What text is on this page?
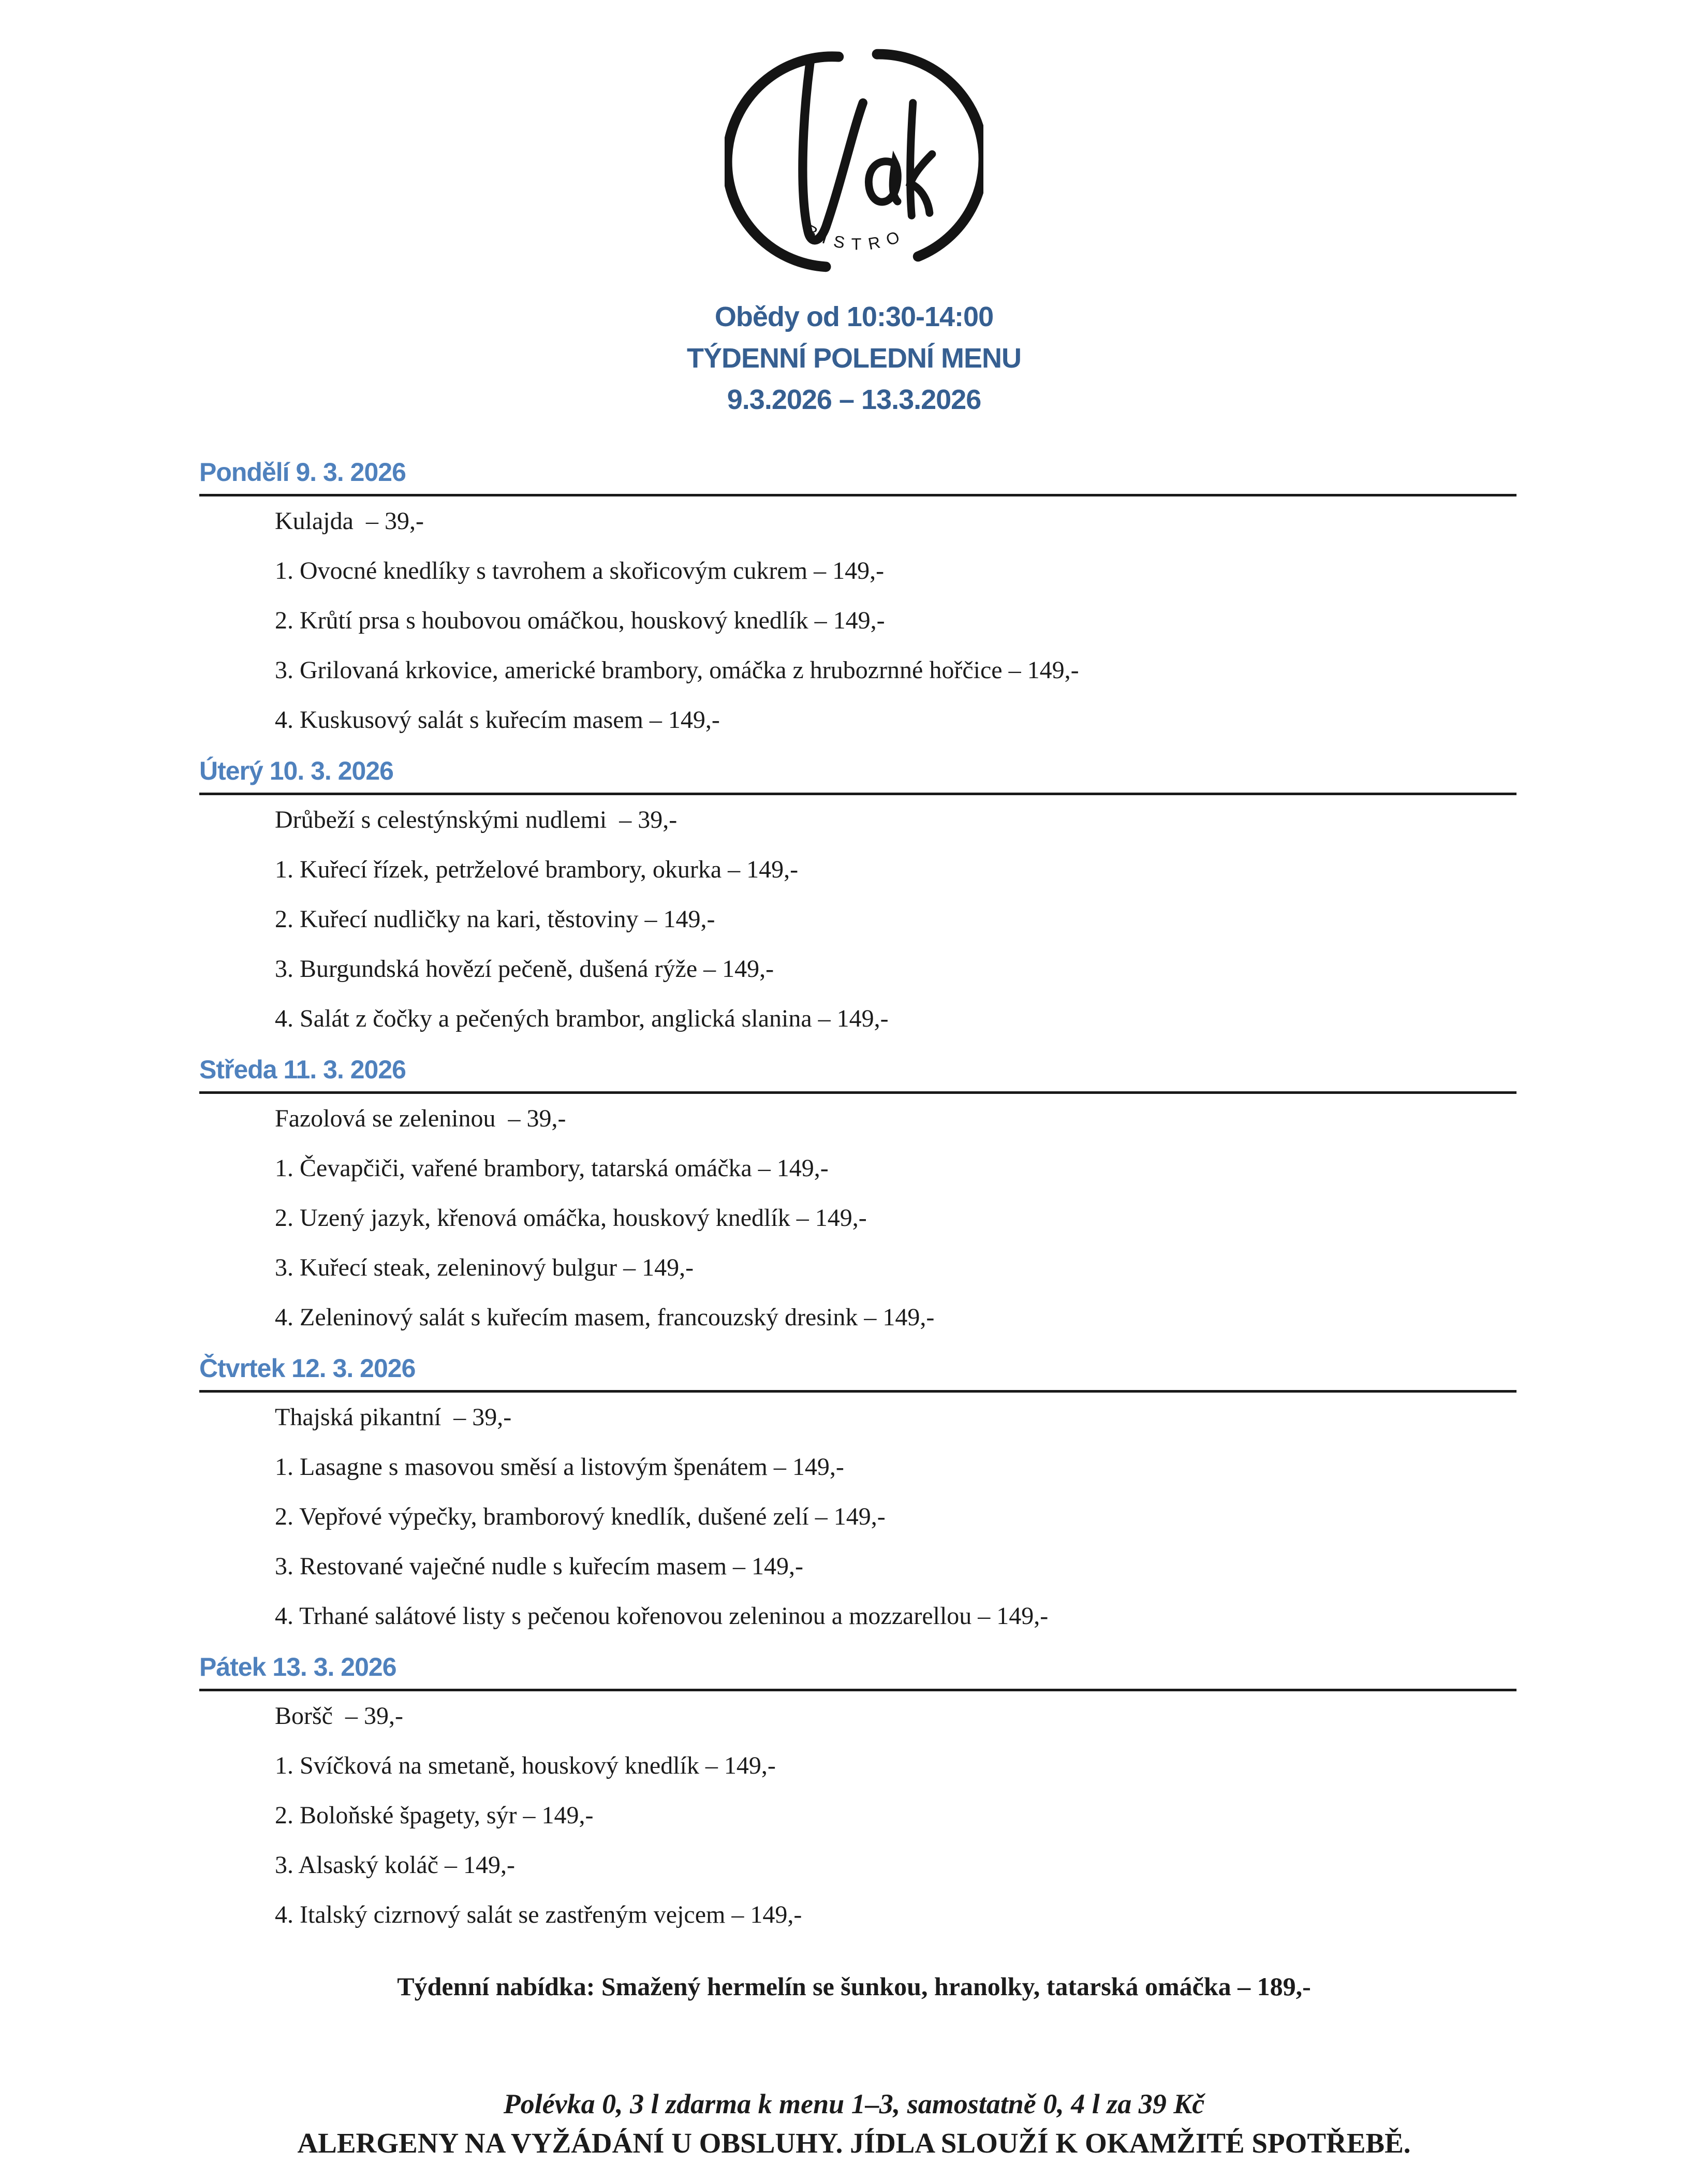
BISTRO
Obědy od 10:30-14:00
TÝDENNÍ POLEDNÍ MENU
9.3.2026 – 13.3.2026
Pondělí 9. 3. 2026
Kulajda  – 39,-
1. Ovocné knedlíky s tavrohem a skořicovým cukrem – 149,-
2. Krůtí prsa s houbovou omáčkou, houskový knedlík – 149,-
3. Grilovaná krkovice, americké brambory, omáčka z hrubozrnné hořčice – 149,-
4. Kuskusový salát s kuřecím masem – 149,-
Úterý 10. 3. 2026
Drůbeží s celestýnskými nudlemi  – 39,-
1. Kuřecí řízek, petrželové brambory, okurka – 149,-
2. Kuřecí nudličky na kari, těstoviny – 149,-
3. Burgundská hovězí pečeně, dušená rýže – 149,-
4. Salát z čočky a pečených brambor, anglická slanina – 149,-
Středa 11. 3. 2026
Fazolová se zeleninou  – 39,-
1. Čevapčiči, vařené brambory, tatarská omáčka – 149,-
2. Uzený jazyk, křenová omáčka, houskový knedlík – 149,-
3. Kuřecí steak, zeleninový bulgur – 149,-
4. Zeleninový salát s kuřecím masem, francouzský dresink – 149,-
Čtvrtek 12. 3. 2026
Thajská pikantní  – 39,-
1. Lasagne s masovou směsí a listovým špenátem – 149,-
2. Vepřové výpečky, bramborový knedlík, dušené zelí – 149,-
3. Restované vaječné nudle s kuřecím masem – 149,-
4. Trhané salátové listy s pečenou kořenovou zeleninou a mozzarellou – 149,-
Pátek 13. 3. 2026
Boršč  – 39,-
1. Svíčková na smetaně, houskový knedlík – 149,-
2. Boloňské špagety, sýr – 149,-
3. Alsaský koláč – 149,-
4. Italský cizrnový salát se zastřeným vejcem – 149,-
Týdenní nabídka: Smažený hermelín se šunkou, hranolky, tatarská omáčka – 189,-
Polévka 0, 3 l zdarma k menu 1–3, samostatně 0, 4 l za 39 Kč
ALERGENY NA VYŽÁDÁNÍ U OBSLUHY. JÍDLA SLOUŽÍ K OKAMŽITÉ SPOTŘEBĚ.
